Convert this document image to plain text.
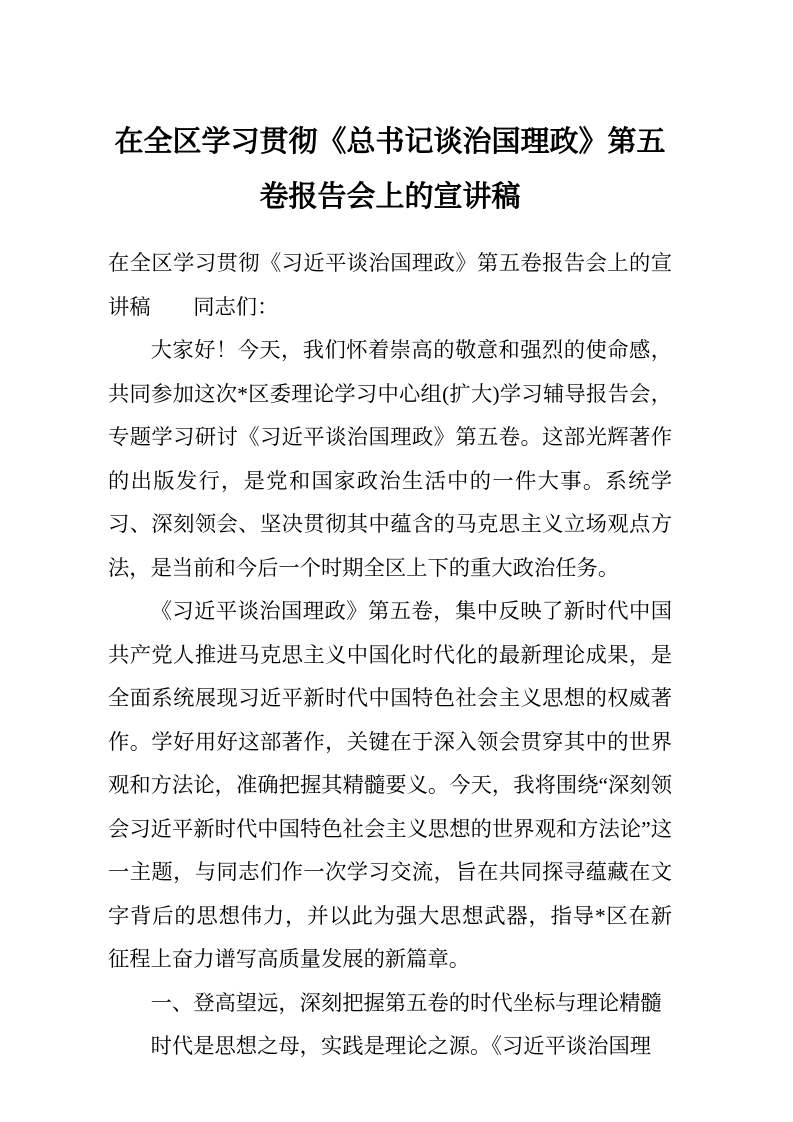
在全区学习贯彻《总书记谈治国理政》第五卷报告会上的宣讲稿

在全区学习贯彻《习近平谈治国理政》第五卷报告会上的宣讲稿　　同志们：

大家好！今天，我们怀着崇高的敬意和强烈的使命感，共同参加这次*区委理论学习中心组(扩大)学习辅导报告会，专题学习研讨《习近平谈治国理政》第五卷。这部光辉著作的出版发行，是党和国家政治生活中的一件大事。系统学习、深刻领会、坚决贯彻其中蕴含的马克思主义立场观点方法，是当前和今后一个时期全区上下的重大政治任务。

《习近平谈治国理政》第五卷，集中反映了新时代中国共产党人推进马克思主义中国化时代化的最新理论成果，是全面系统展现习近平新时代中国特色社会主义思想的权威著作。学好用好这部著作，关键在于深入领会贯穿其中的世界观和方法论，准确把握其精髓要义。今天，我将围绕“深刻领会习近平新时代中国特色社会主义思想的世界观和方法论”这一主题，与同志们作一次学习交流，旨在共同探寻蕴藏在文字背后的思想伟力，并以此为强大思想武器，指导*区在新征程上奋力谱写高质量发展的新篇章。

一、登高望远，深刻把握第五卷的时代坐标与理论精髓

时代是思想之母，实践是理论之源。《习近平谈治国理
